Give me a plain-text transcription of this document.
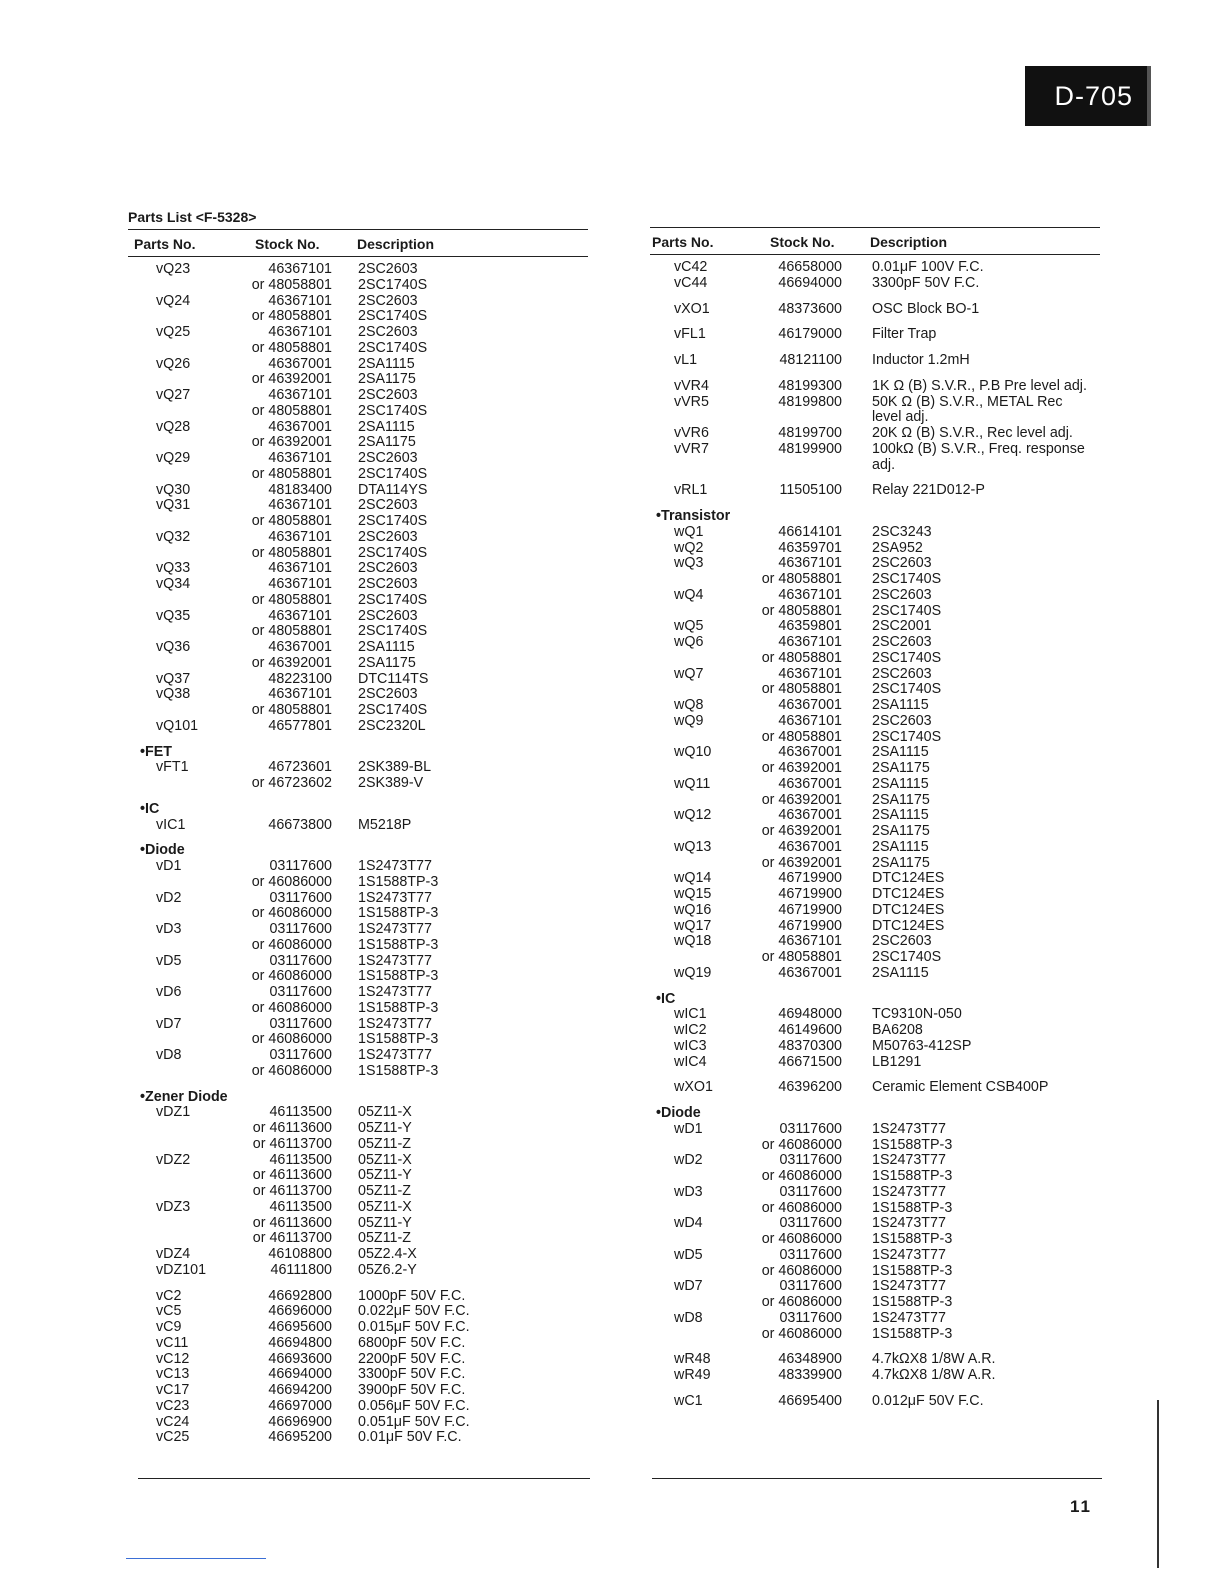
D-705
Parts List <F-5328>
Parts No.	Stock No.	Description	Parts No.	Stock No.	Description
vQ23	46367101 2SC2603
or 48058801 2SC1740S
vQ24	46367101 2SC2603
or 48058801 2SC1740S
vQ25	46367101 2SC2603
or 48058801 2SC1740S
vQ26	46367001 2SA1115
or 46392001 2SA1175
vQ27	46367101 2SC2603
or 48058801 2SC1740S
vQ28	46367001 2SA1115
or 46392001 2SA1175
vQ29	46367101 2SC2603
or 48058801 2SC1740S
vQ30	48183400 DTA114YS
vQ31	46367101 2SC2603
or 48058801 2SC1740S
vQ32	46367101 2SC2603
or 48058801 2SC1740S
vQ33	46367101 2SC2603
vQ34	46367101 2SC2603
or 48058801 2SC1740S
vQ35	46367101 2SC2603
or 48058801 2SC1740S
vQ36	46367001 2SA1115
or 46392001 2SA1175
vQ37	48223100 DTC114TS
vQ38	46367101 2SC2603
or 48058801 2SC1740S
vQ101	46577801 2SC2320L
•FET
vFT1	46723601 2SK389-BL
or 46723602 2SK389-V
•IC
vIC1	46673800 M5218P
•Diode
vD1	03117600 1S2473T77
or 46086000 1S1588TP-3
vD2	03117600 1S2473T77
or 46086000 1S1588TP-3
vD3	03117600 1S2473T77
or 46086000 1S1588TP-3
vD5	03117600 1S2473T77
or 46086000 1S1588TP-3
vD6	03117600 1S2473T77
or 46086000 1S1588TP-3
vD7	03117600 1S2473T77
or 46086000 1S1588TP-3
vD8	03117600 1S2473T77
or 46086000 1S1588TP-3
•Zener Diode
vDZ1	46113500 05Z11-X
or 46113600 05Z11-Y
or 46113700 05Z11-Z
vDZ2	46113500 05Z11-X
or 46113600 05Z11-Y
or 46113700 05Z11-Z
vDZ3	46113500 05Z11-X
or 46113600 05Z11-Y
or 46113700 05Z11-Z
vDZ4	46108800 05Z2.4-X
vDZ101	46111800 05Z6.2-Y
vC2	46692800 1000pF 50V F.C.
vC5	46696000 0.022μF 50V F.C.
vC9	46695600 0.015μF 50V F.C.
vC11	46694800 6800pF 50V F.C.
vC12	46693600 2200pF 50V F.C.
vC13	46694000 3300pF 50V F.C.
vC17	46694200 3900pF 50V F.C.
vC23	46697000 0.056μF 50V F.C.
vC24	46696900 0.051μF 50V F.C.
vC25	46695200 0.01μF 50V F.C.
vC42	46658000 0.01μF 100V F.C.
vC44	46694000 3300pF 50V F.C.
vXO1	48373600 OSC Block BO-1
vFL1	46179000 Filter Trap
vL1	48121100 Inductor 1.2mH
vVR4	48199300 1K Ω (B) S.V.R., P.B Pre level adj.
vVR5	48199800 50K Ω (B) S.V.R., METAL Rec
level adj.
vVR6	48199700 20K Ω (B) S.V.R., Rec level adj.
vVR7	48199900 100kΩ (B) S.V.R., Freq. response
adj.
vRL1	11505100 Relay 221D012-P
•Transistor
wQ1	46614101 2SC3243
wQ2	46359701 2SA952
wQ3	46367101 2SC2603
or 48058801 2SC1740S
wQ4	46367101 2SC2603
or 48058801 2SC1740S
wQ5	46359801 2SC2001
wQ6	46367101 2SC2603
or 48058801 2SC1740S
wQ7	46367101 2SC2603
or 48058801 2SC1740S
wQ8	46367001 2SA1115
wQ9	46367101 2SC2603
or 48058801 2SC1740S
wQ10	46367001 2SA1115
or 46392001 2SA1175
wQ11	46367001 2SA1115
or 46392001 2SA1175
wQ12	46367001 2SA1115
or 46392001 2SA1175
wQ13	46367001 2SA1115
or 46392001 2SA1175
wQ14	46719900 DTC124ES
wQ15	46719900 DTC124ES
wQ16	46719900 DTC124ES
wQ17	46719900 DTC124ES
wQ18	46367101 2SC2603
or 48058801 2SC1740S
wQ19	46367001 2SA1115
•IC
wIC1	46948000 TC9310N-050
wIC2	46149600 BA6208
wIC3	48370300 M50763-412SP
wIC4	46671500 LB1291
wXO1	46396200 Ceramic Element CSB400P
•Diode
wD1	03117600 1S2473T77
or 46086000 1S1588TP-3
wD2	03117600 1S2473T77
or 46086000 1S1588TP-3
wD3	03117600 1S2473T77
or 46086000 1S1588TP-3
wD4	03117600 1S2473T77
or 46086000 1S1588TP-3
wD5	03117600 1S2473T77
or 46086000 1S1588TP-3
wD7	03117600 1S2473T77
or 46086000 1S1588TP-3
wD8	03117600 1S2473T77
or 46086000 1S1588TP-3
wR48	46348900 4.7kΩX8 1/8W A.R.
wR49	48339900 4.7kΩX8 1/8W A.R.
wC1	46695400 0.012μF 50V F.C.
11
